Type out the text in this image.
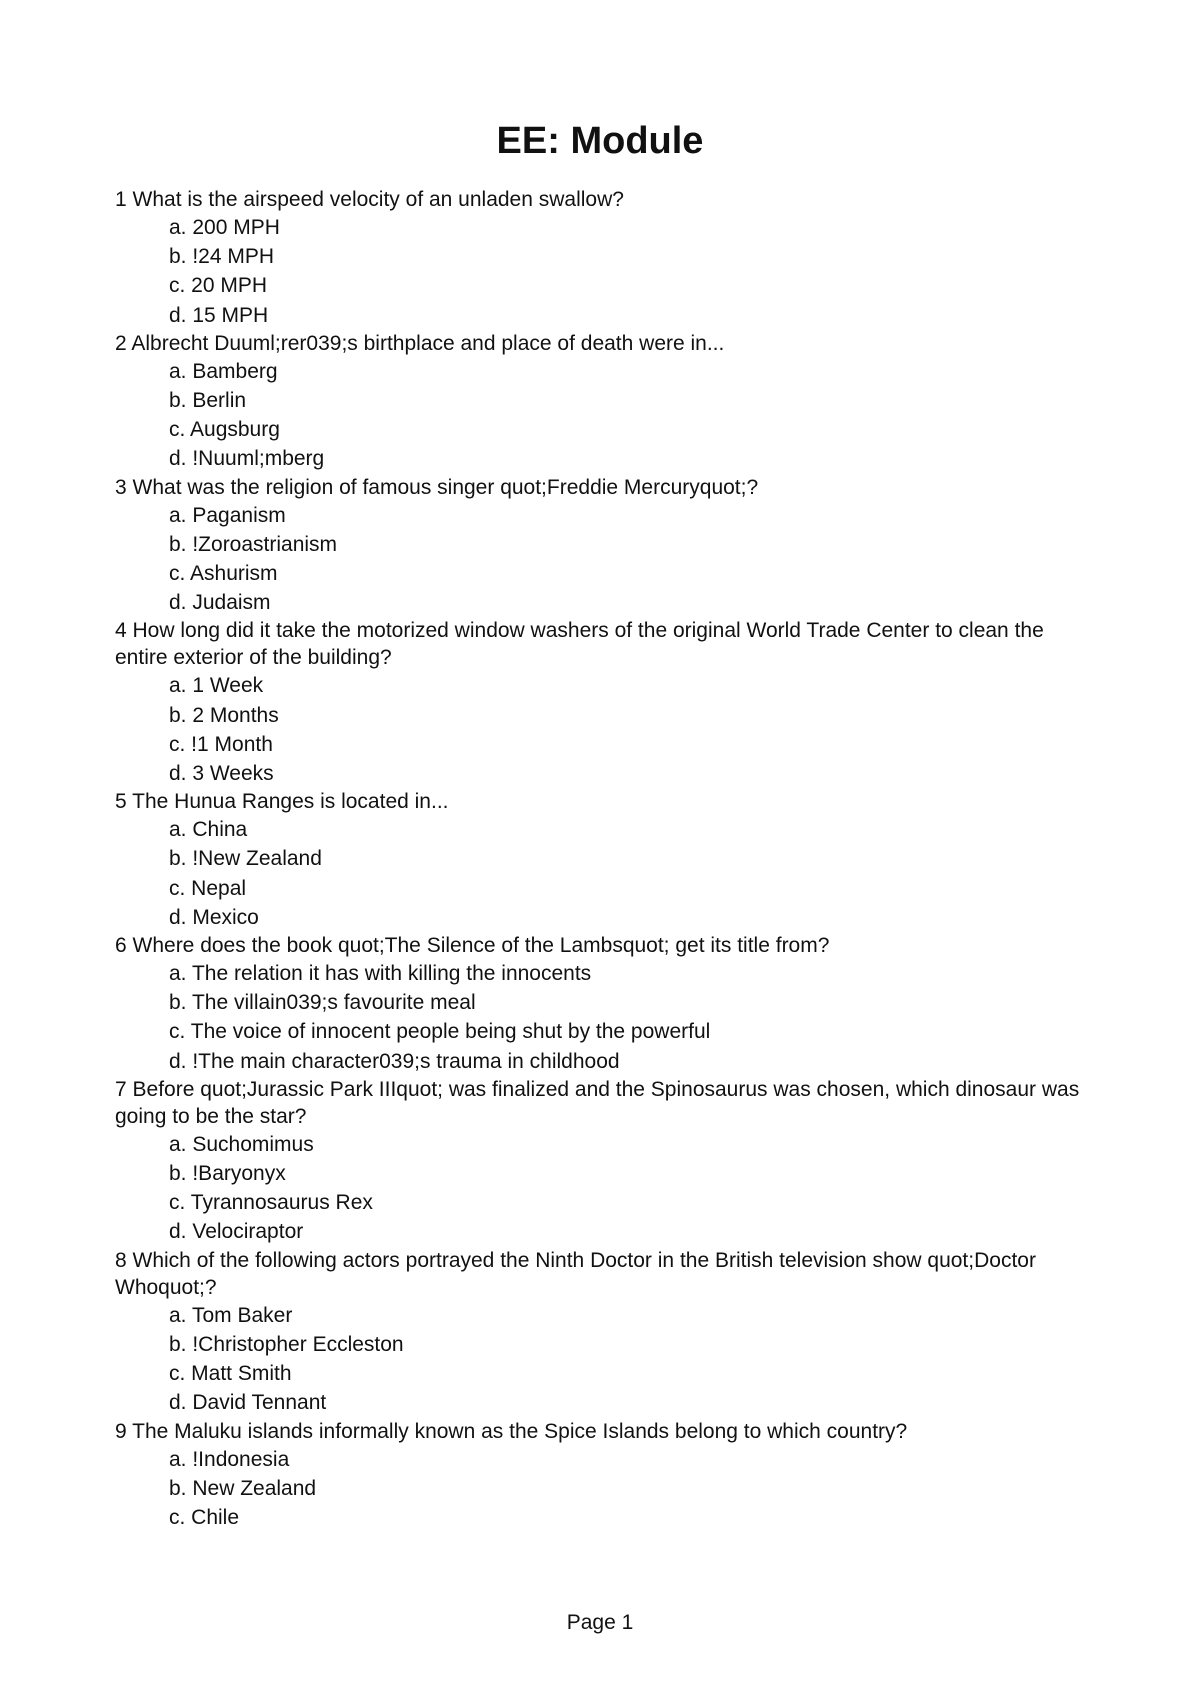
EE: Module
1 What is the airspeed velocity of an unladen swallow?
a. 200 MPH
b. !24 MPH
c. 20 MPH
d. 15 MPH
2 Albrecht Duuml;rer039;s birthplace and place of death were in...
a. Bamberg
b. Berlin
c. Augsburg
d. !Nuuml;mberg
3 What was the religion of famous singer quot;Freddie Mercuryquot;?
a. Paganism
b. !Zoroastrianism
c. Ashurism
d. Judaism
4 How long did it take the motorized window washers of the original World Trade Center to clean the entire exterior of the building?
a. 1 Week
b. 2 Months
c. !1 Month
d. 3 Weeks
5 The Hunua Ranges is located in...
a. China
b. !New Zealand
c. Nepal
d. Mexico
6 Where does the book quot;The Silence of the Lambsquot; get its title from?
a. The relation it has with killing the innocents
b. The villain039;s favourite meal
c. The voice of innocent people being shut by the powerful
d. !The main character039;s trauma in childhood
7 Before quot;Jurassic Park IIIquot; was finalized and the Spinosaurus was chosen, which dinosaur was going to be the star?
a. Suchomimus
b. !Baryonyx
c. Tyrannosaurus Rex
d. Velociraptor
8 Which of the following actors portrayed the Ninth Doctor in the British television show quot;Doctor Whoquot;?
a. Tom Baker
b. !Christopher Eccleston
c. Matt Smith
d. David Tennant
9 The Maluku islands informally known as the Spice Islands belong to which country?
a. !Indonesia
b. New Zealand
c. Chile
Page 1
